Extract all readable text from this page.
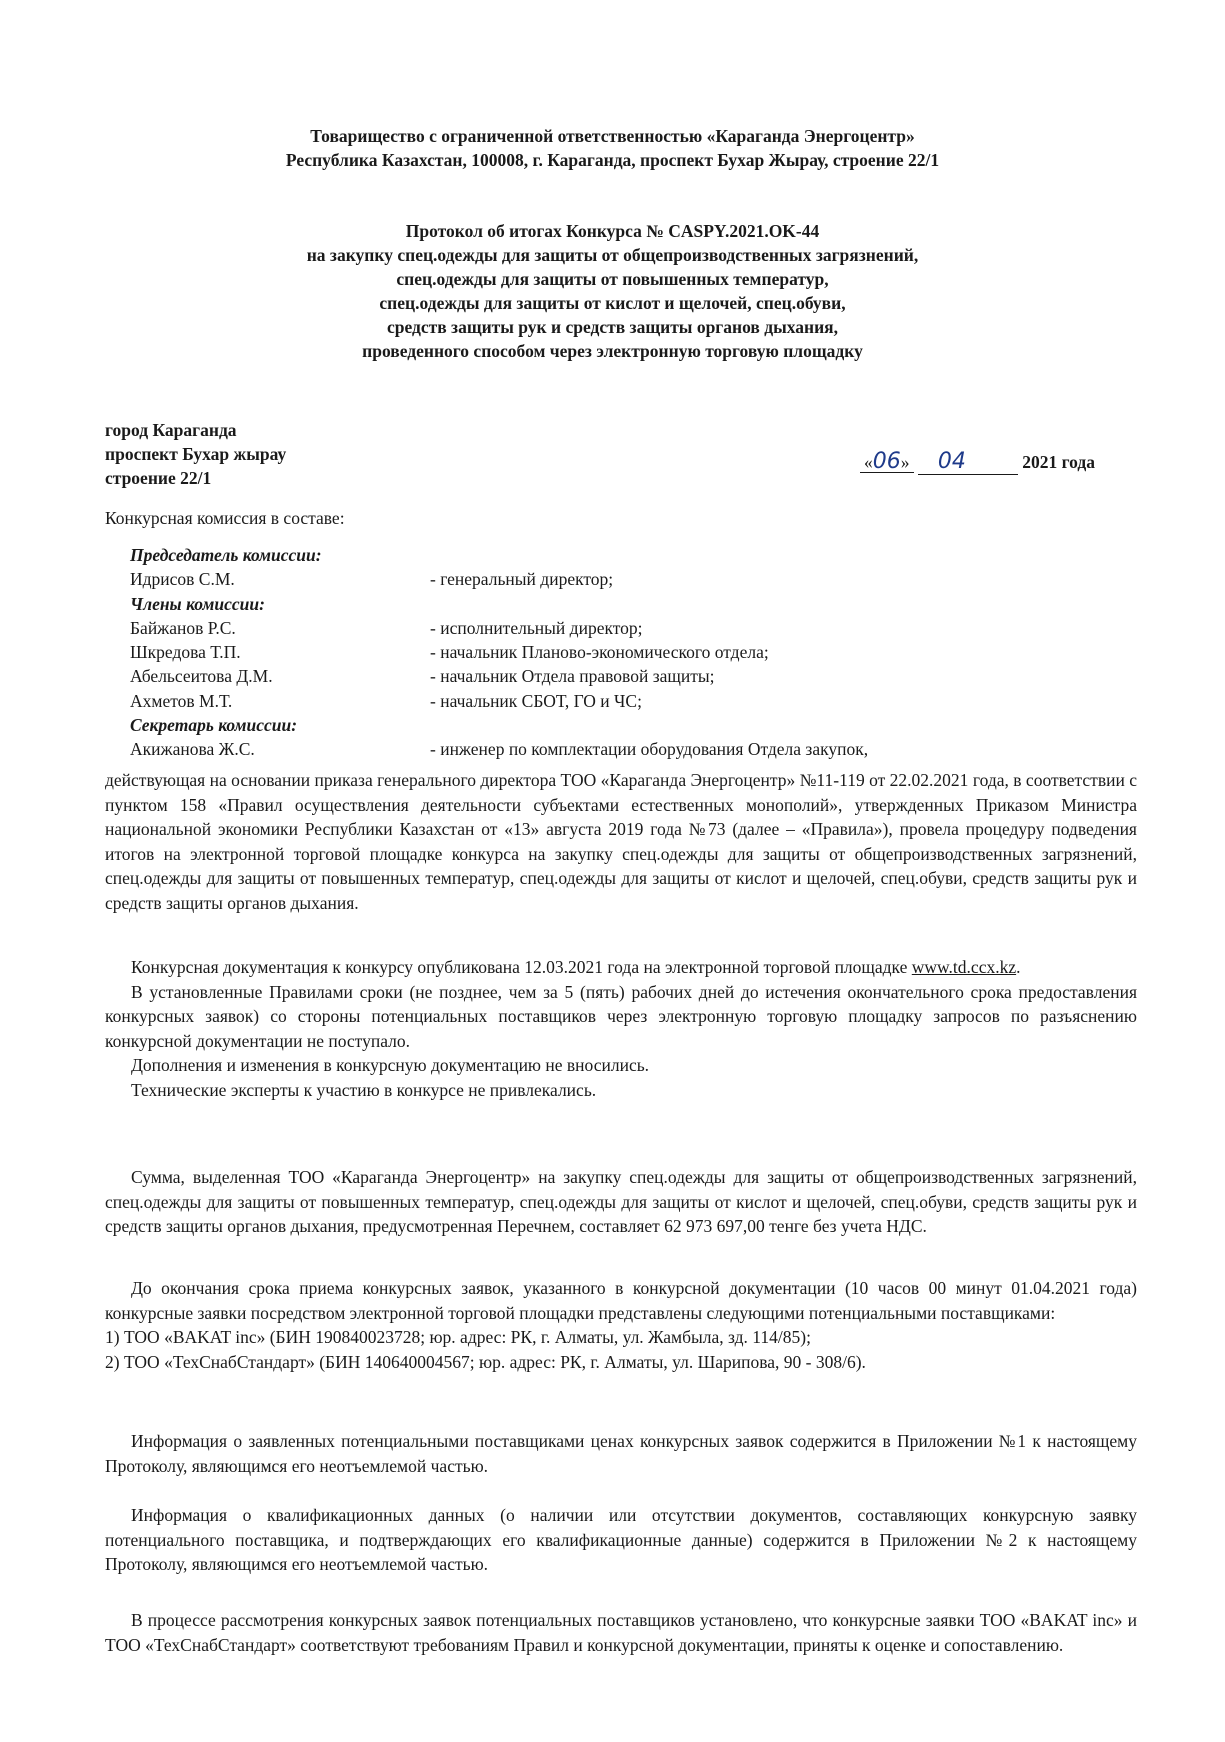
Товарищество с ограниченной ответственностью «Караганда Энергоцентр»
Республика Казахстан, 100008, г. Караганда, проспект Бухар Жырау, строение 22/1
Протокол об итогах Конкурса № CASPY.2021.OK-44
на закупку спец.одежды для защиты от общепроизводственных загрязнений,
спец.одежды для защиты от повышенных температур,
спец.одежды для защиты от кислот и щелочей, спец.обуви,
средств защиты рук и средств защиты органов дыхания,
проведенного способом через электронную торговую площадку
город Караганда
проспект Бухар жырау
строение 22/1
«06» 04	2021 года
Конкурсная комиссия в составе:
Председатель комиссии:
Идрисов С.М.	- генеральный директор;
Члены комиссии:
Байжанов Р.С.	- исполнительный директор;
Шкредова Т.П.	- начальник Планово-экономического отдела;
Абельсеитова Д.М.	- начальник Отдела правовой защиты;
Ахметов М.Т.	- начальник СБОТ, ГО и ЧС;
Секретарь комиссии:
Акижанова Ж.С.	- инженер по комплектации оборудования Отдела закупок,

действующая на основании приказа генерального директора ТОО «Караганда Энергоцентр» №11-119 от 22.02.2021 года, в соответствии с пунктом 158 «Правил осуществления деятельности субъектами естественных монополий», утвержденных Приказом Министра национальной экономики Республики Казахстан от «13» августа 2019 года №73 (далее – «Правила»), провела процедуру подведения итогов на электронной торговой площадке конкурса на закупку спец.одежды для защиты от общепроизводственных загрязнений, спец.одежды для защиты от повышенных температур, спец.одежды для защиты от кислот и щелочей, спец.обуви, средств защиты рук и средств защиты органов дыхания.

Конкурсная документация к конкурсу опубликована 12.03.2021 года на электронной торговой площадке www.td.ccx.kz.

В установленные Правилами сроки (не позднее, чем за 5 (пять) рабочих дней до истечения окончательного срока предоставления конкурсных заявок) со стороны потенциальных поставщиков через электронную торговую площадку запросов по разъяснению конкурсной документации не поступало.

Дополнения и изменения в конкурсную документацию не вносились.

Технические эксперты к участию в конкурсе не привлекались.

Сумма, выделенная ТОО «Караганда Энергоцентр» на закупку спец.одежды для защиты от общепроизводственных загрязнений, спец.одежды для защиты от повышенных температур, спец.одежды для защиты от кислот и щелочей, спец.обуви, средств защиты рук и средств защиты органов дыхания, предусмотренная Перечнем, составляет 62 973 697,00 тенге без учета НДС.

До окончания срока приема конкурсных заявок, указанного в конкурсной документации (10 часов 00 минут 01.04.2021 года) конкурсные заявки посредством электронной торговой площадки представлены следующими потенциальными поставщиками:

1) ТОО «BAKAT inc» (БИН 190840023728; юр. адрес: РК, г. Алматы, ул. Жамбыла, зд. 114/85);

2) ТОО «ТехСнабСтандарт» (БИН 140640004567; юр. адрес: РК, г. Алматы, ул. Шарипова, 90 - 308/6).

Информация о заявленных потенциальными поставщиками ценах конкурсных заявок содержится в Приложении №1 к настоящему Протоколу, являющимся его неотъемлемой частью.

Информация о квалификационных данных (о наличии или отсутствии документов, составляющих конкурсную заявку потенциального поставщика, и подтверждающих его квалификационные данные) содержится в Приложении №2 к настоящему Протоколу, являющимся его неотъемлемой частью.

В процессе рассмотрения конкурсных заявок потенциальных поставщиков установлено, что конкурсные заявки ТОО «BAKAT inc» и ТОО «ТехСнабСтандарт» соответствуют требованиям Правил и конкурсной документации, приняты к оценке и сопоставлению.
